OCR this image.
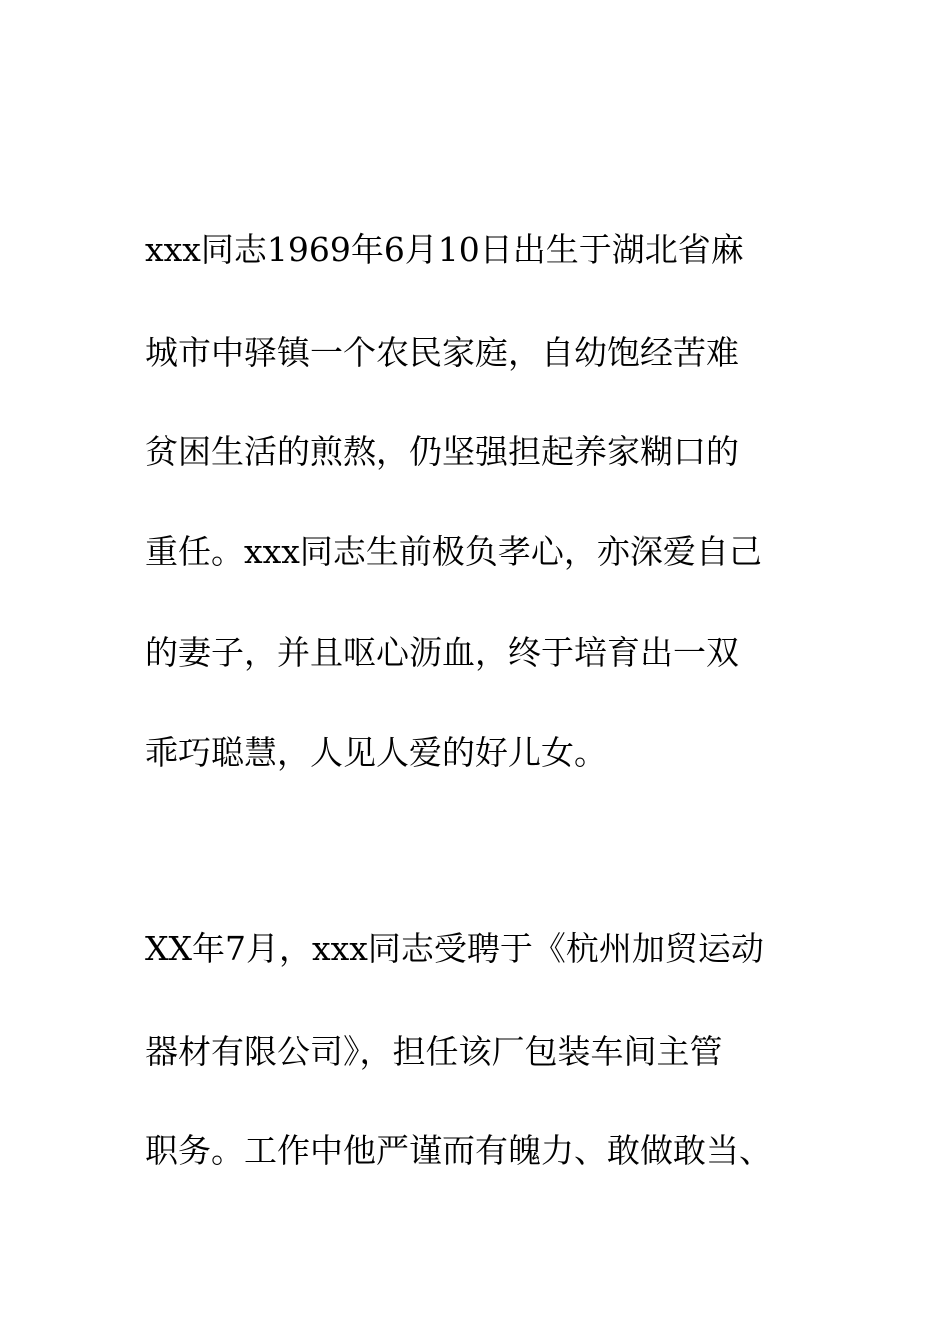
xxx同志1969年6月10日出生于湖北省麻
城市中驿镇一个农民家庭，自幼饱经苦难
贫困生活的煎熬，仍坚强担起养家糊口的
重任。xxx同志生前极负孝心，亦深爱自己
的妻子，并且呕心沥血，终于培育出一双
乖巧聪慧，人见人爱的好儿女。
XX年7月，xxx同志受聘于《杭州加贸运动
器材有限公司》，担任该厂包装车间主管
职务。工作中他严谨而有魄力、敢做敢当、
